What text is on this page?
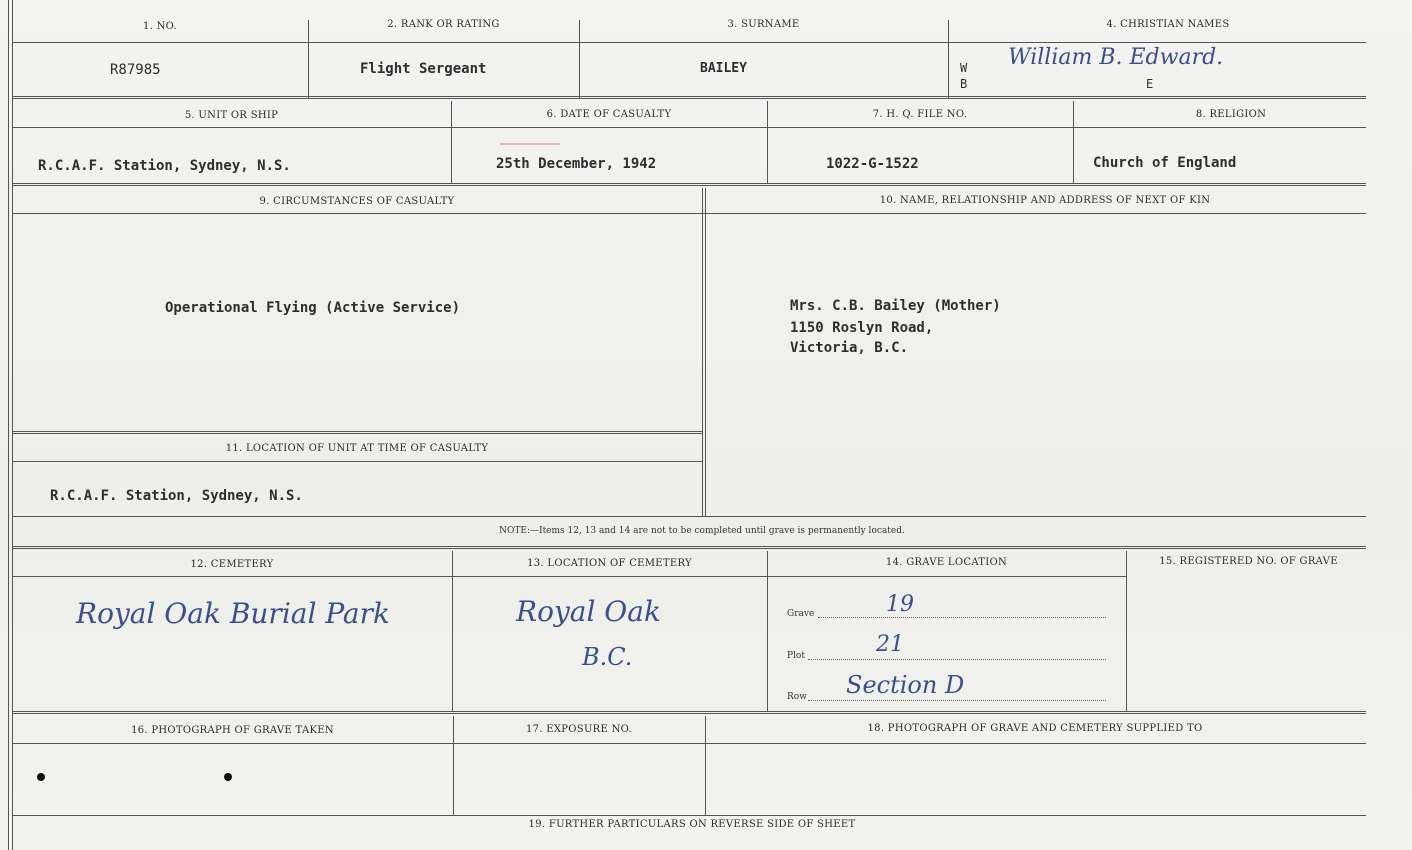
1. NO.	2. RANK OR RATING	3. SURNAME	4. CHRISTIAN NAMES
R87985	Flight Sergeant	BAILEY	William B. Edward.
W
B	E
5. UNIT OR SHIP	6. DATE OF CASUALTY	7. H. Q. FILE NO.	8. RELIGION
R.C.A.F. Station, Sydney, N.S.	25th December, 1942	1022-G-1522	Church of England
9. CIRCUMSTANCES OF CASUALTY	10. NAME, RELATIONSHIP AND ADDRESS OF NEXT OF KIN
Operational Flying (Active Service)	Mrs. C.B. Bailey (Mother)
1150 Roslyn Road,
Victoria, B.C.
11. LOCATION OF UNIT AT TIME OF CASUALTY
R.C.A.F. Station, Sydney, N.S.
NOTE:—Items 12, 13 and 14 are not to be completed until grave is permanently located.
12. CEMETERY	13. LOCATION OF CEMETERY	14. GRAVE LOCATION	15. REGISTERED NO. OF GRAVE
Royal Oak Burial Park	Royal Oak
B.C.
Grave	19
Plot	21
Row Section D
16. PHOTOGRAPH OF GRAVE TAKEN	17. EXPOSURE NO.	18. PHOTOGRAPH OF GRAVE AND CEMETERY SUPPLIED TO
19. FURTHER PARTICULARS ON REVERSE SIDE OF SHEET
